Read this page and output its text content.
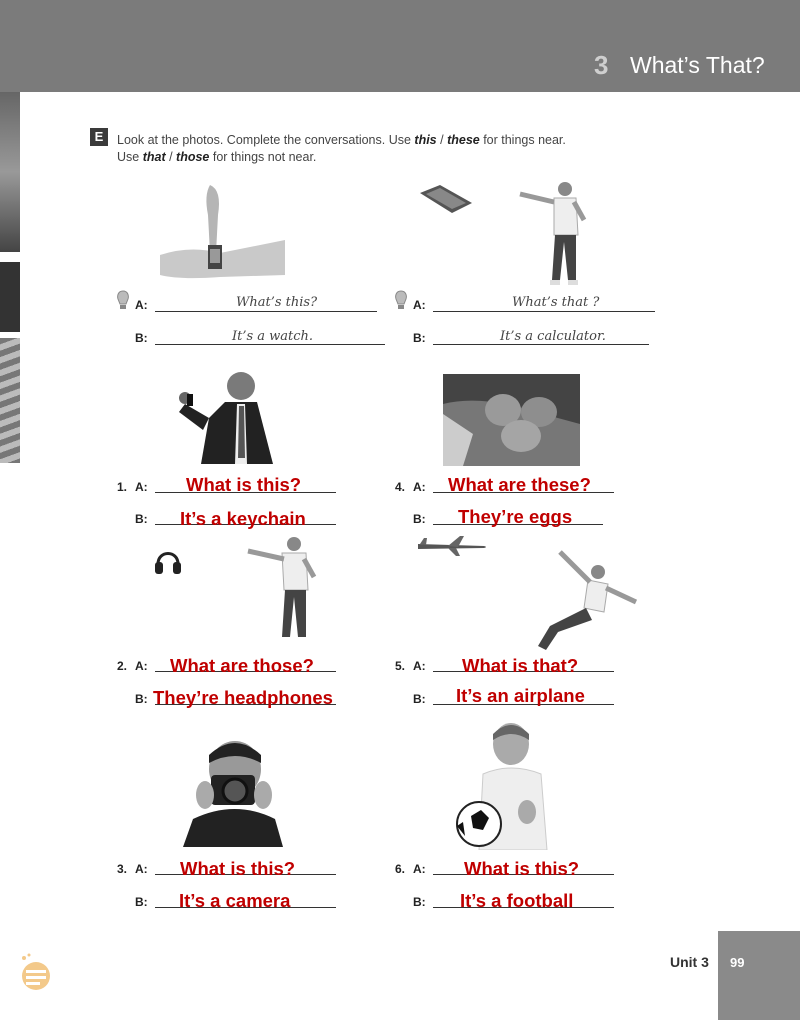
3 What’s That?
E	Look at the photos. Complete the conversations. Use this / these for things near.
Use that / those for things not near.
A:	What’s this?
B:	It’s a watch.
A:	What’s that ?
B:	It’s a calculator.
1. A: What is this?
B: It’s a keychain
2. A: What are those?
B: They’re headphones
3. A: What is this?
B: It’s a camera
4. A: What are these?
B: They’re eggs
5. A: What is that?
B: It’s an airplane
6. A: What is this?
B: It’s a football
Unit 3 99
